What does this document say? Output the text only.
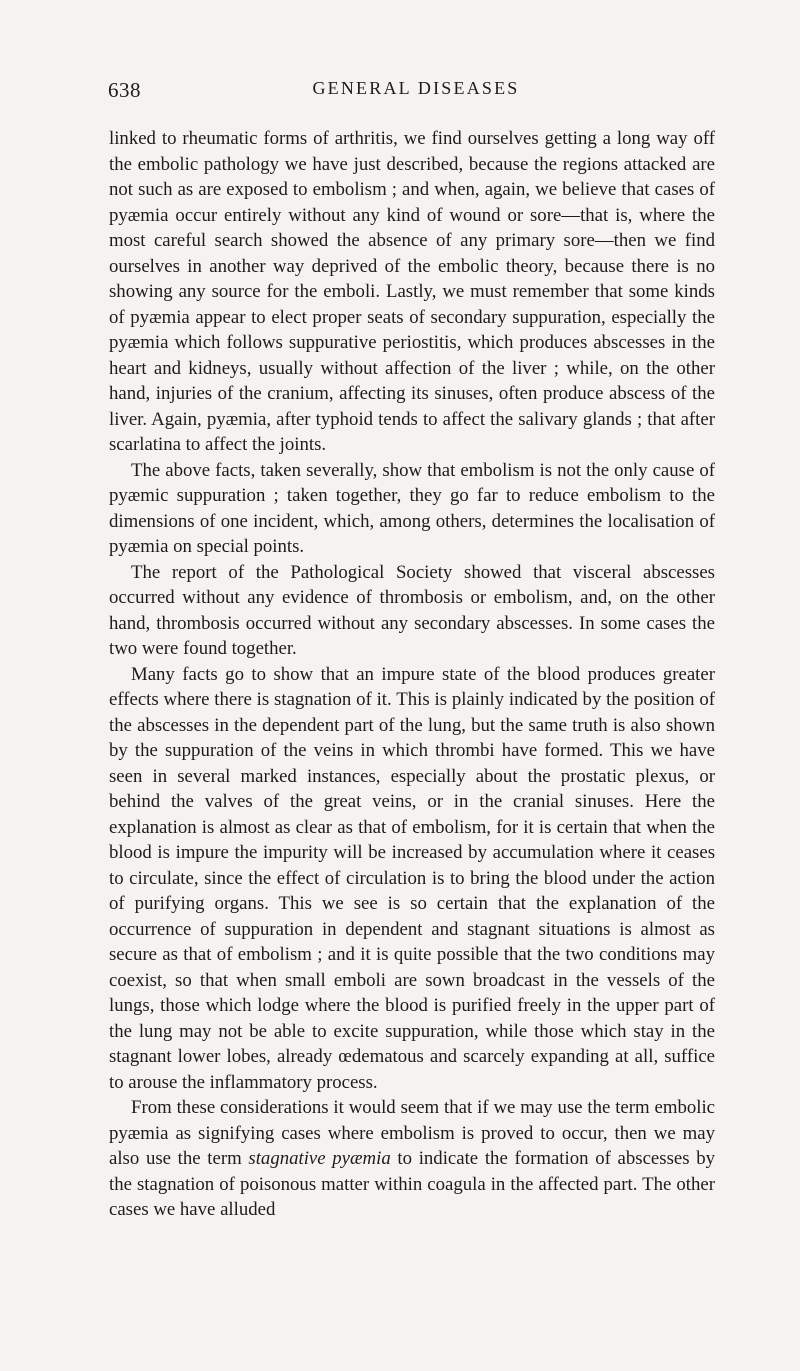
638	GENERAL DISEASES

linked to rheumatic forms of arthritis, we find ourselves getting a long way off the embolic pathology we have just described, because the regions attacked are not such as are exposed to embolism ; and when, again, we believe that cases of pyæmia occur entirely without any kind of wound or sore—that is, where the most careful search showed the absence of any primary sore—then we find ourselves in another way deprived of the embolic theory, because there is no showing any source for the emboli. Lastly, we must remember that some kinds of pyæmia appear to elect proper seats of secondary suppuration, especially the pyæmia which follows suppurative periostitis, which produces abscesses in the heart and kidneys, usually without affection of the liver ; while, on the other hand, injuries of the cranium, affecting its sinuses, often produce abscess of the liver. Again, pyæmia, after typhoid tends to affect the salivary glands ; that after scarlatina to affect the joints.

The above facts, taken severally, show that embolism is not the only cause of pyæmic suppuration ; taken together, they go far to reduce embolism to the dimensions of one incident, which, among others, determines the localisation of pyæmia on special points.

The report of the Pathological Society showed that visceral abscesses occurred without any evidence of thrombosis or embolism, and, on the other hand, thrombosis occurred without any secondary abscesses. In some cases the two were found together.

Many facts go to show that an impure state of the blood produces greater effects where there is stagnation of it. This is plainly indicated by the position of the abscesses in the dependent part of the lung, but the same truth is also shown by the suppuration of the veins in which thrombi have formed. This we have seen in several marked instances, especially about the prostatic plexus, or behind the valves of the great veins, or in the cranial sinuses. Here the explanation is almost as clear as that of embolism, for it is certain that when the blood is impure the impurity will be increased by accumulation where it ceases to circulate, since the effect of circulation is to bring the blood under the action of purifying organs. This we see is so certain that the explanation of the occurrence of suppuration in dependent and stagnant situations is almost as secure as that of embolism ; and it is quite possible that the two conditions may coexist, so that when small emboli are sown broadcast in the vessels of the lungs, those which lodge where the blood is purified freely in the upper part of the lung may not be able to excite suppuration, while those which stay in the stagnant lower lobes, already œdematous and scarcely expanding at all, suffice to arouse the inflammatory process.

From these considerations it would seem that if we may use the term embolic pyæmia as signifying cases where embolism is proved to occur, then we may also use the term stagnative pyæmia to indicate the formation of abscesses by the stagnation of poisonous matter within coagula in the affected part. The other cases we have alluded
